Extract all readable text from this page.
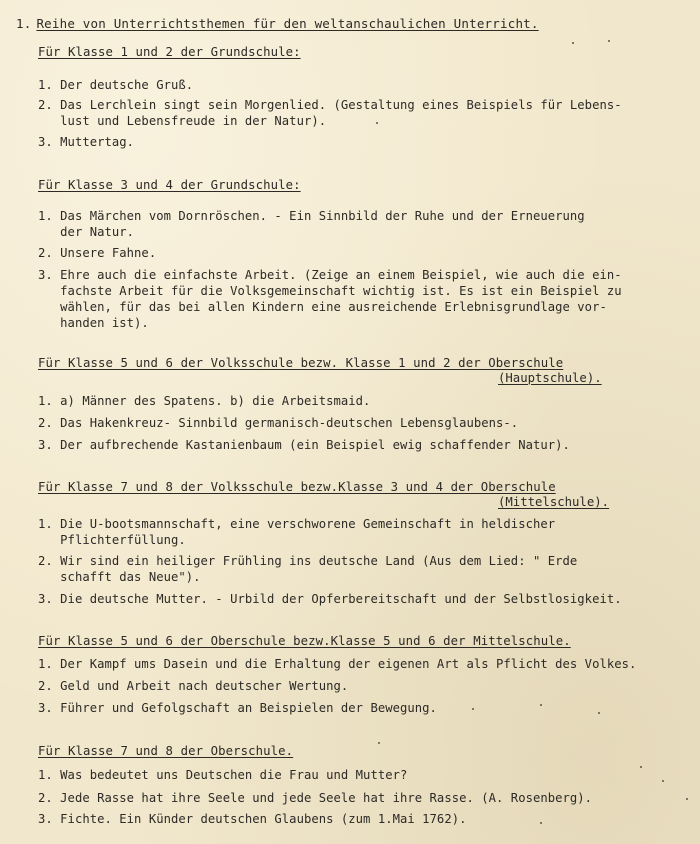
1. Reihe von Unterrichtsthemen für den weltanschaulichen Unterricht.
Für Klasse 1 und 2 der Grundschule:
1. Der deutsche Gruß.
2. Das Lerchlein singt sein Morgenlied. (Gestaltung eines Beispiels für Lebens-
lust und Lebensfreude in der Natur).
3. Muttertag.
Für Klasse 3 und 4 der Grundschule:
1. Das Märchen vom Dornröschen. - Ein Sinnbild der Ruhe und der Erneuerung
der Natur.
2. Unsere Fahne.
3. Ehre auch die einfachste Arbeit. (Zeige an einem Beispiel, wie auch die ein-
fachste Arbeit für die Volksgemeinschaft wichtig ist. Es ist ein Beispiel zu
wählen, für das bei allen Kindern eine ausreichende Erlebnisgrundlage vor-
handen ist).
Für Klasse 5 und 6 der Volksschule bezw. Klasse 1 und 2 der Oberschule
(Hauptschule).
1. a) Männer des Spatens. b) die Arbeitsmaid.
2. Das Hakenkreuz- Sinnbild germanisch-deutschen Lebensglaubens-.
3. Der aufbrechende Kastanienbaum (ein Beispiel ewig schaffender Natur).
Für Klasse 7 und 8 der Volksschule bezw.Klasse 3 und 4 der Oberschule
(Mittelschule).
1. Die U-bootsmannschaft, eine verschworene Gemeinschaft in heldischer
Pflichterfüllung.
2. Wir sind ein heiliger Frühling ins deutsche Land (Aus dem Lied: " Erde
schafft das Neue").
3. Die deutsche Mutter. - Urbild der Opferbereitschaft und der Selbstlosigkeit.
Für Klasse 5 und 6 der Oberschule bezw.Klasse 5 und 6 der Mittelschule.
1. Der Kampf ums Dasein und die Erhaltung der eigenen Art als Pflicht des Volkes.
2. Geld und Arbeit nach deutscher Wertung.
3. Führer und Gefolgschaft an Beispielen der Bewegung.
Für Klasse 7 und 8 der Oberschule.
1. Was bedeutet uns Deutschen die Frau und Mutter?
2. Jede Rasse hat ihre Seele und jede Seele hat ihre Rasse. (A. Rosenberg).
3. Fichte. Ein Künder deutschen Glaubens (zum 1.Mai 1762).
